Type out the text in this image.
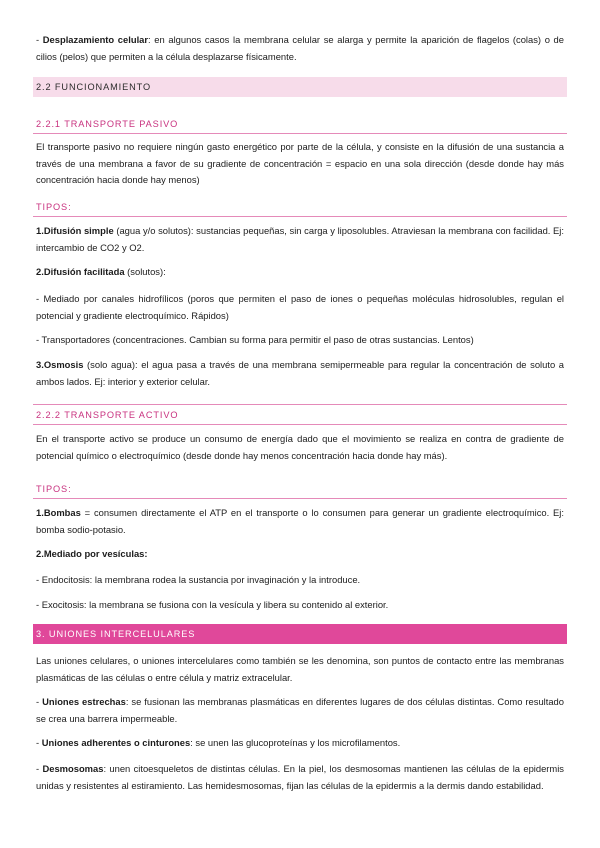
- Desplazamiento celular: en algunos casos la membrana celular se alarga y permite la aparición de flagelos (colas) o de cilios (pelos) que permiten a la célula desplazarse físicamente.

2.2 FUNCIONAMIENTO
2.2.1 TRANSPORTE PASIVO

El transporte pasivo no requiere ningún gasto energético por parte de la célula, y consiste en la difusión de una sustancia a través de una membrana a favor de su gradiente de concentración = espacio en una sola dirección (desde donde hay más concentración hacia donde hay menos)

TIPOS:

1.Difusión simple (agua y/o solutos): sustancias pequeñas, sin carga y liposolubles. Atraviesan la membrana con facilidad. Ej: intercambio de CO2 y O2.

2.Difusión facilitada (solutos):

- Mediado por canales hidrofílicos (poros que permiten el paso de iones o pequeñas moléculas hidrosolubles, regulan el potencial y gradiente electroquímico. Rápidos)

- Transportadores (concentraciones. Cambian su forma para permitir el paso de otras sustancias. Lentos)

3.Osmosis (solo agua): el agua pasa a través de una membrana semipermeable para regular la concentración de soluto a ambos lados. Ej: interior y exterior celular.

2.2.2 TRANSPORTE ACTIVO

En el transporte activo se produce un consumo de energía dado que el movimiento se realiza en contra de gradiente de potencial químico o electroquímico (desde donde hay menos concentración hacia donde hay más).

TIPOS:

1.Bombas = consumen directamente el ATP en el transporte o lo consumen para generar un gradiente electroquímico. Ej: bomba sodio-potasio.

2.Mediado por vesículas:

- Endocitosis: la membrana rodea la sustancia por invaginación y la introduce.

- Exocitosis: la membrana se fusiona con la vesícula y libera su contenido al exterior.

3. UNIONES INTERCELULARES

Las uniones celulares, o uniones intercelulares como también se les denomina, son puntos de contacto entre las membranas plasmáticas de las células o entre célula y matriz extracelular.

- Uniones estrechas: se fusionan las membranas plasmáticas en diferentes lugares de dos células distintas. Como resultado se crea una barrera impermeable.

- Uniones adherentes o cinturones: se unen las glucoproteínas y los microfilamentos.

- Desmosomas: unen citoesqueletos de distintas células. En la piel, los desmosomas mantienen las células de la epidermis unidas y resistentes al estiramiento. Las hemidesmosomas, fijan las células de la epidermis a la dermis dando estabilidad.
